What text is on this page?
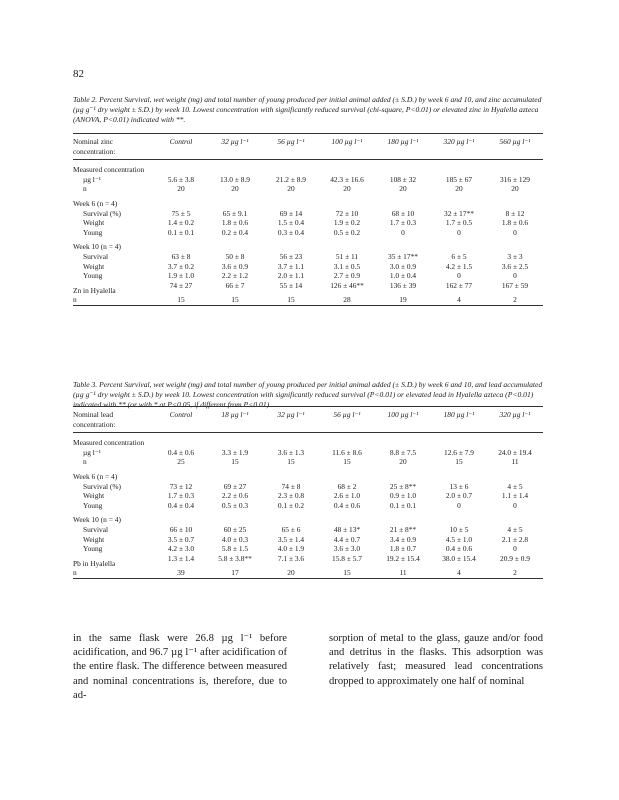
82
Table 2. Percent Survival, wet weight (mg) and total number of young produced per initial animal added (± S.D.) by week 6 and 10, and zinc accumulated (µg g⁻¹ dry weight ± S.D.) by week 10. Lowest concentration with significantly reduced survival (chi-square, P<0.01) or elevated zinc in Hyalella azteca (ANOVA, P<0.01) indicated with **.
Nominal zinc concentration:	Control	32 µg l⁻¹	56 µg l⁻¹	100 µg l⁻¹	180 µg l⁻¹	320 µg l⁻¹	560 µg l⁻¹
Measured concentration							
µg l⁻¹	5.6 ± 3.8	13.0 ± 8.9	21.2 ± 8.9	42.3 ± 16.6	108 ± 32	185 ± 67	316 ± 129
n	20	20	20	20	20	20	20
Week 6 (n = 4)							
Survival (%)	75 ± 5	65 ± 9.1	69 ± 14	72 ± 10	68 ± 10	32 ± 17**	8 ± 12
Weight	1.4 ± 0.2	1.8 ± 0.6	1.5 ± 0.4	1.9 ± 0.2	1.7 ± 0.3	1.7 ± 0.5	1.8 ± 0.6
Young	0.1 ± 0.1	0.2 ± 0.4	0.3 ± 0.4	0.5 ± 0.2	0	0	0
Week 10 (n = 4)							
Survival	63 ± 8	50 ± 8	56 ± 23	51 ± 11	35 ± 17**	6 ± 5	3 ± 3
Weight	3.7 ± 0.2	3.6 ± 0.9	3.7 ± 1.1	3.1 ± 0.5	3.0 ± 0.9	4.2 ± 1.5	3.6 ± 2.5
Young	1.9 ± 1.0	2.2 ± 1.2	2.0 ± 1.1	2.7 ± 0.9	1.0 ± 0.4	0	0
Zn in Hyalella	74 ± 27	66 ± 7	55 ± 14	126 ± 46**	136 ± 39	162 ± 77	167 ± 59
n	15	15	15	28	19	4	2
Table 3. Percent Survival, wet weight (mg) and total number of young produced per initial animal added (± S.D.) by week 6 and 10, and lead accumulated (µg g⁻¹ dry weight ± S.D.) by week 10. Lowest concentration with significantly reduced survival (P<0.01) or elevated lead in Hyalella azteca (P<0.01) indicated with ** (or with * at P<0.05, if different from P<0.01).
Nominal lead concentration:	Control	18 µg l⁻¹	32 µg l⁻¹	56 µg l⁻¹	100 µg l⁻¹	180 µg l⁻¹	320 µg l⁻¹
Measured concentration							
µg l⁻¹	0.4 ± 0.6	3.3 ± 1.9	3.6 ± 1.3	11.6 ± 8.6	8.8 ± 7.5	12.6 ± 7.9	24.0 ± 19.4
n	25	15	15	15	20	15	11
Week 6 (n = 4)							
Survival (%)	73 ± 12	69 ± 27	74 ± 8	68 ± 2	25 ± 8**	13 ± 6	4 ± 5
Weight	1.7 ± 0.3	2.2 ± 0.6	2.3 ± 0.8	2.6 ± 1.0	0.9 ± 1.0	2.0 ± 0.7	1.1 ± 1.4
Young	0.4 ± 0.4	0.5 ± 0.3	0.1 ± 0.2	0.4 ± 0.6	0.1 ± 0.1	0	0
Week 10 (n = 4)							
Survival	66 ± 10	60 ± 25	65 ± 6	48 ± 13*	21 ± 8**	10 ± 5	4 ± 5
Weight	3.5 ± 0.7	4.0 ± 0.3	3.5 ± 1.4	4.4 ± 0.7	3.4 ± 0.9	4.5 ± 1.0	2.1 ± 2.8
Young	4.2 ± 3.0	5.8 ± 1.5	4.0 ± 1.9	3.6 ± 3.0	1.8 ± 0.7	0.4 ± 0.6	0
Pb in Hyalella	1.3 ± 1.4	5.8 ± 3.8**	7.1 ± 3.6	15.8 ± 5.7	19.2 ± 15.4	38.0 ± 15.4	20.9 ± 0.9
n	39	17	20	15	11	4	2

in the same flask were 26.8 µg l⁻¹ before acidification, and 96.7 µg l⁻¹ after acidification of the entire flask. The difference between measured and nominal concentrations is, therefore, due to ad-

sorption of metal to the glass, gauze and/or food and detritus in the flasks. This adsorption was relatively fast; measured lead concentrations dropped to approximately one half of nominal
